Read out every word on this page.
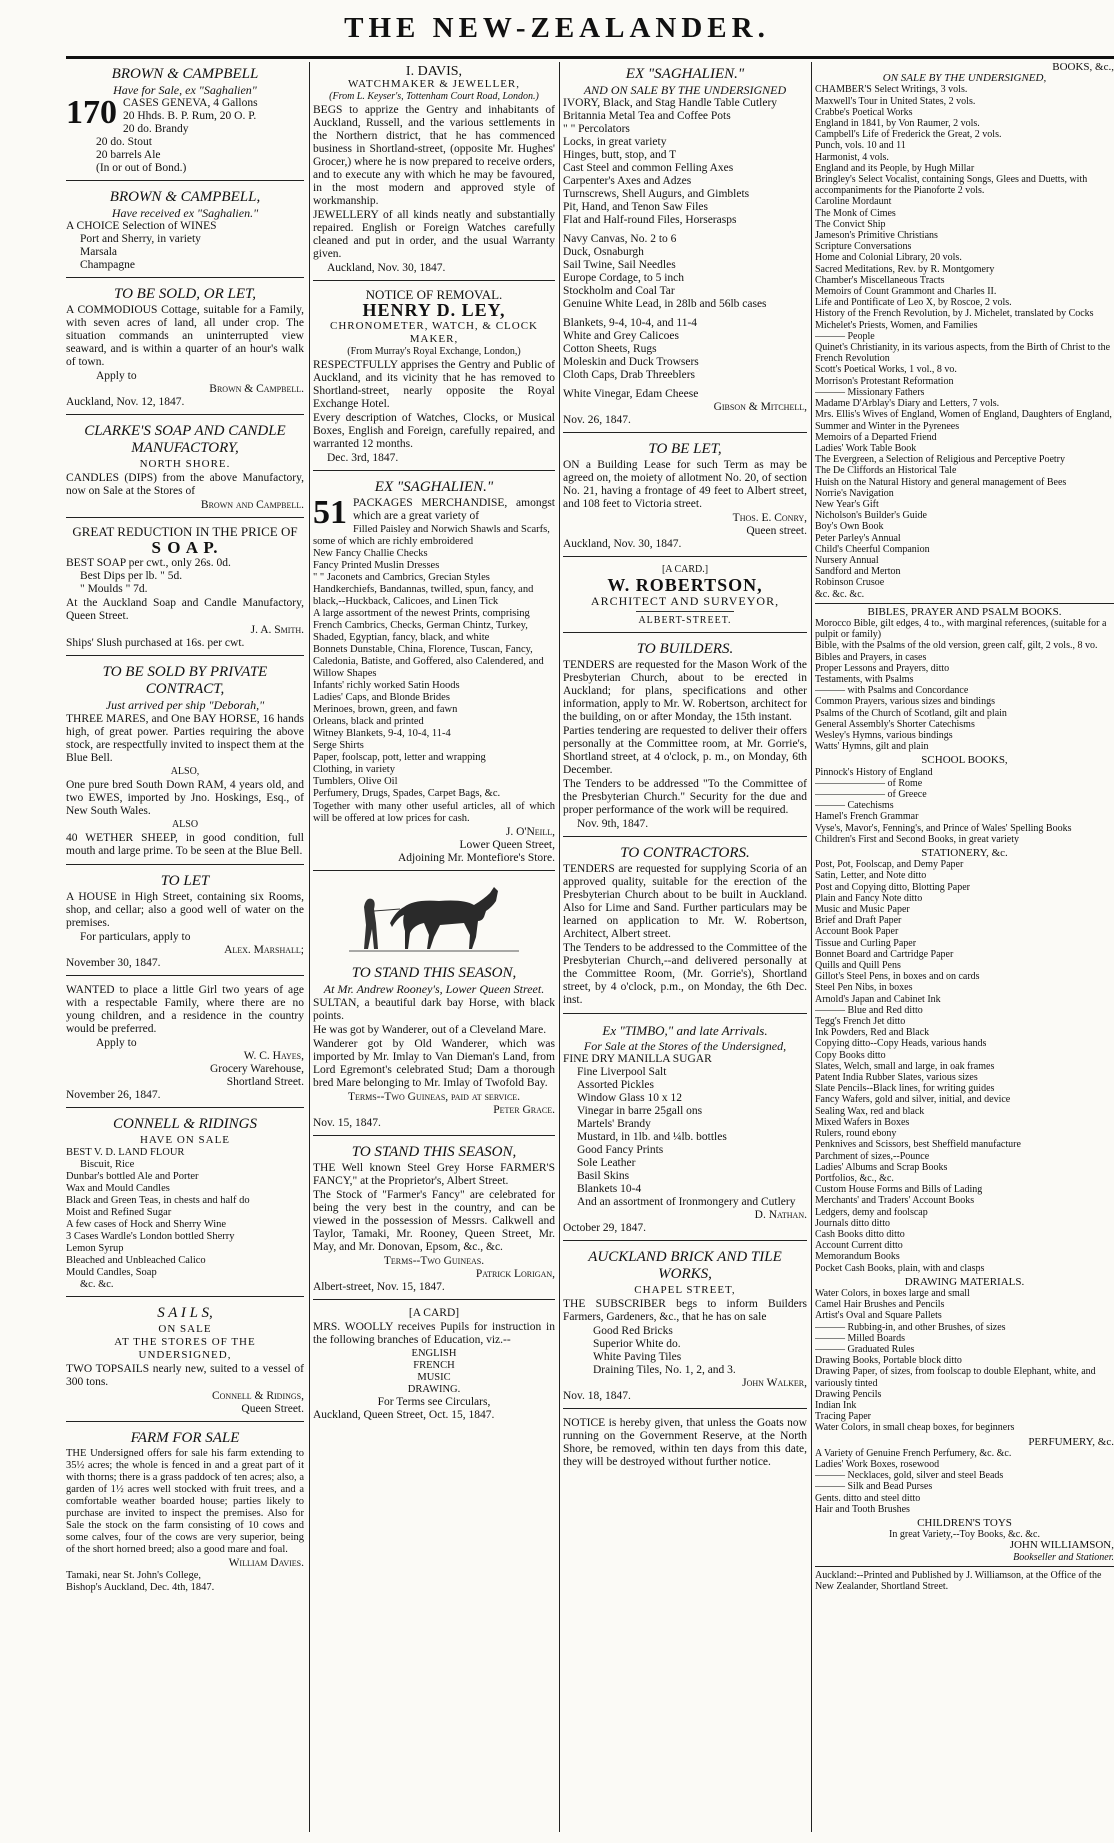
THE NEW-ZEALANDER.
BROWN & CAMPBELL
Have for Sale, ex "Saghalien"
170 CASES GENEVA, 4 Gallons
20 Hhds. B. P. Rum, 20 O. P.
20 do. Brandy
20 do. Stout
20 barrels Ale
(In or out of Bond.)
BROWN & CAMPBELL,
Have received ex "Saghalien."
A CHOICE Selection of WINES
Port and Sherry, in variety
Marsala
Champagne
TO BE SOLD, OR LET,
A COMMODIOUS Cottage, suitable for a Family, with seven acres of land, all under crop. The situation commands an uninterrupted view seaward, and is within a quarter of an hour's walk of town.
Apply to
Brown & Campbell.
Auckland, Nov. 12, 1847.
CLARKE'S SOAP AND CANDLE MANUFACTORY,
NORTH SHORE.
CANDLES (DIPS) from the above Manufactory, now on Sale at the Stores of
Brown and Campbell.
GREAT REDUCTION IN THE PRICE OF
S O A P.
BEST SOAP per cwt., only 26s. 0d.
Best Dips per lb. " 5d.
" Moulds " 7d.
At the Auckland Soap and Candle Manufactory, Queen Street.
J. A. Smith.
Ships' Slush purchased at 16s. per cwt.
TO BE SOLD BY PRIVATE CONTRACT,
Just arrived per ship "Deborah,"
THREE MARES, and One BAY HORSE, 16 hands high, of great power. Parties requiring the above stock, are respectfully invited to inspect them at the Blue Bell.
ALSO,
One pure bred South Down RAM, 4 years old, and two EWES, imported by Jno. Hoskings, Esq., of New South Wales.
ALSO
40 WETHER SHEEP, in good condition, full mouth and large prime. To be seen at the Blue Bell.
TO LET
A HOUSE in High Street, containing six Rooms, shop, and cellar; also a good well of water on the premises.
For particulars, apply to
Alex. Marshall;
November 30, 1847.
WANTED to place a little Girl two years of age with a respectable Family, where there are no young children, and a residence in the country would be preferred.
Apply to
W. C. Hayes,
Grocery Warehouse,
Shortland Street.
November 26, 1847.
CONNELL & RIDINGS
HAVE ON SALE
BEST V. D. LAND FLOUR
Biscuit, Rice
Dunbar's bottled Ale and Porter
Wax and Mould Candles
Black and Green Teas, in chests and half do
Moist and Refined Sugar
A few cases of Hock and Sherry Wine
3 Cases Wardle's London bottled Sherry
Lemon Syrup
Bleached and Unbleached Calico
Mould Candles, Soap
&c. &c.
S A I L S,
ON SALE
AT THE STORES OF THE UNDERSIGNED,
TWO TOPSAILS nearly new, suited to a vessel of 300 tons.
Connell & Ridings,
Queen Street.
FARM FOR SALE
THE Undersigned offers for sale his farm extending to 35½ acres; the whole is fenced in and a great part of it with thorns; there is a grass paddock of ten acres; also, a garden of 1½ acres well stocked with fruit trees, and a comfortable weather boarded house; parties likely to purchase are invited to inspect the premises. Also for Sale the stock on the farm consisting of 10 cows and some calves, four of the cows are very superior, being of the short horned breed; also a good mare and foal.
William Davies.
Tamaki, near St. John's College,
Bishop's Auckland, Dec. 4th, 1847.
I. DAVIS,
WATCHMAKER & JEWELLER,
(From L. Keyser's, Tottenham Court Road, London.)
BEGS to apprize the Gentry and inhabitants of Auckland, Russell, and the various settlements in the Northern district, that he has commenced business in Shortland-street, (opposite Mr. Hughes' Grocer,) where he is now prepared to receive orders, and to execute any with which he may be favoured, in the most modern and approved style of workmanship.
JEWELLERY of all kinds neatly and substantially repaired. English or Foreign Watches carefully cleaned and put in order, and the usual Warranty given.
Auckland, Nov. 30, 1847.
NOTICE OF REMOVAL.
HENRY D. LEY,
CHRONOMETER, WATCH, & CLOCK MAKER,
(From Murray's Royal Exchange, London,)
RESPECTFULLY apprises the Gentry and Public of Auckland, and its vicinity that he has removed to Shortland-street, nearly opposite the Royal Exchange Hotel.
Every description of Watches, Clocks, or Musical Boxes, English and Foreign, carefully repaired, and warranted 12 months.
Dec. 3rd, 1847.
EX "SAGHALIEN."
51 PACKAGES MERCHANDISE, amongst which are a great variety of
Filled Paisley and Norwich Shawls and Scarfs, some of which are richly embroidered
New Fancy Challie Checks
Fancy Printed Muslin Dresses
" " Jaconets and Cambrics, Grecian Styles
Handkerchiefs, Bandannas, twilled, spun, fancy, and black,--Huckback, Calicoes, and Linen Tick
A large assortment of the newest Prints, comprising French Cambrics, Checks, German Chintz, Turkey, Shaded, Egyptian, fancy, black, and white
Bonnets Dunstable, China, Florence, Tuscan, Fancy, Caledonia, Batiste, and Goffered, also Calendered, and Willow Shapes
Infants' richly worked Satin Hoods
Ladies' Caps, and Blonde Brides
Merinoes, brown, green, and fawn
Orleans, black and printed
Witney Blankets, 9-4, 10-4, 11-4
Serge Shirts
Paper, foolscap, pott, letter and wrapping
Clothing, in variety
Tumblers, Olive Oil
Perfumery, Drugs, Spades, Carpet Bags, &c.
Together with many other useful articles, all of which will be offered at low prices for cash.
J. O'Neill,
Lower Queen Street,
Adjoining Mr. Montefiore's Store.
TO STAND THIS SEASON,
At Mr. Andrew Rooney's, Lower Queen Street.
SULTAN, a beautiful dark bay Horse, with black points.
He was got by Wanderer, out of a Cleveland Mare.
Wanderer got by Old Wanderer, which was imported by Mr. Imlay to Van Dieman's Land, from Lord Egremont's celebrated Stud; Dam a thorough bred Mare belonging to Mr. Imlay of Twofold Bay.
Terms--Two Guineas, paid at service.
Peter Grace.
Nov. 15, 1847.
TO STAND THIS SEASON,
THE Well known Steel Grey Horse FARMER'S FANCY," at the Proprietor's, Albert Street.
The Stock of "Farmer's Fancy" are celebrated for being the very best in the country, and can be viewed in the possession of Messrs. Calkwell and Taylor, Tamaki, Mr. Rooney, Queen Street, Mr. May, and Mr. Donovan, Epsom, &c., &c.
Terms--Two Guineas.
Patrick Lorigan,
Albert-street, Nov. 15, 1847.
[A CARD]
MRS. WOOLLY receives Pupils for instruction in the following branches of Education, viz.--
ENGLISH
FRENCH
MUSIC
DRAWING.
For Terms see Circulars,
Auckland, Queen Street, Oct. 15, 1847.
EX "SAGHALIEN."
AND ON SALE BY THE UNDERSIGNED
IVORY, Black, and Stag Handle Table Cutlery
Britannia Metal Tea and Coffee Pots
" " Percolators
Locks, in great variety
Hinges, butt, stop, and T
Cast Steel and common Felling Axes
Carpenter's Axes and Adzes
Turnscrews, Shell Augurs, and Gimblets
Pit, Hand, and Tenon Saw Files
Flat and Half-round Files, Horserasps
Navy Canvas, No. 2 to 6
Duck, Osnaburgh
Sail Twine, Sail Needles
Europe Cordage, to 5 inch
Stockholm and Coal Tar
Genuine White Lead, in 28lb and 56lb cases
Blankets, 9-4, 10-4, and 11-4
White and Grey Calicoes
Cotton Sheets, Rugs
Moleskin and Duck Trowsers
Cloth Caps, Drab Threeblers
White Vinegar, Edam Cheese
Gibson & Mitchell,
Nov. 26, 1847.
TO BE LET,
ON a Building Lease for such Term as may be agreed on, the moiety of allotment No. 20, of section No. 21, having a frontage of 49 feet to Albert street, and 108 feet to Victoria street.
Thos. E. Conry,
Queen street.
Auckland, Nov. 30, 1847.
[A CARD.]
W. ROBERTSON,
ARCHITECT AND SURVEYOR,
ALBERT-STREET.
TO BUILDERS.
TENDERS are requested for the Mason Work of the Presbyterian Church, about to be erected in Auckland; for plans, specifications and other information, apply to Mr. W. Robertson, architect for the building, on or after Monday, the 15th instant.
Parties tendering are requested to deliver their offers personally at the Committee room, at Mr. Gorrie's, Shortland street, at 4 o'clock, p. m., on Monday, 6th December.
The Tenders to be addressed "To the Committee of the Presbyterian Church." Security for the due and proper performance of the work will be required.
Nov. 9th, 1847.
TO CONTRACTORS.
TENDERS are requested for supplying Scoria of an approved quality, suitable for the erection of the Presbyterian Church about to be built in Auckland. Also for Lime and Sand. Further particulars may be learned on application to Mr. W. Robertson, Architect, Albert street.
The Tenders to be addressed to the Committee of the Presbyterian Church,--and delivered personally at the Committee Room, (Mr. Gorrie's), Shortland street, by 4 o'clock, p.m., on Monday, the 6th Dec. inst.
Ex "TIMBO," and late Arrivals.
For Sale at the Stores of the Undersigned,
FINE DRY MANILLA SUGAR
Fine Liverpool Salt
Assorted Pickles
Window Glass 10 x 12
Vinegar in barre 25gall ons
Martels' Brandy
Mustard, in 1lb. and ¼lb. bottles
Good Fancy Prints
Sole Leather
Basil Skins
Blankets 10-4
And an assortment of Ironmongery and Cutlery
D. Nathan.
October 29, 1847.
AUCKLAND BRICK AND TILE WORKS,
CHAPEL STREET,
THE SUBSCRIBER begs to inform Builders Farmers, Gardeners, &c., that he has on sale
Good Red Bricks
Superior White do.
White Paving Tiles
Draining Tiles, No. 1, 2, and 3.
John Walker,
Nov. 18, 1847.
NOTICE is hereby given, that unless the Goats now running on the Government Reserve, at the North Shore, be removed, within ten days from this date, they will be destroyed without further notice.
BOOKS, &c.,
ON SALE BY THE UNDERSIGNED,
CHAMBER'S Select Writings, 3 vols.
Maxwell's Tour in United States, 2 vols.
Crabbe's Poetical Works
England in 1841, by Von Raumer, 2 vols.
Campbell's Life of Frederick the Great, 2 vols.
Punch, vols. 10 and 11
Harmonist, 4 vols.
England and its People, by Hugh Millar
Bringley's Select Vocalist, containing Songs, Glees and Duetts, with accompaniments for the Pianoforte 2 vols.
Caroline Mordaunt
The Monk of Cimes
The Convict Ship
Jameson's Primitive Christians
Scripture Conversations
Home and Colonial Library, 20 vols.
Sacred Meditations, Rev. by R. Montgomery
Chamber's Miscellaneous Tracts
Memoirs of Count Grammont and Charles II.
Life and Pontificate of Leo X, by Roscoe, 2 vols.
History of the French Revolution, by J. Michelet, translated by Cocks
Michelet's Priests, Women, and Families
——— People
Quinet's Christianity, in its various aspects, from the Birth of Christ to the French Revolution
Scott's Poetical Works, 1 vol., 8 vo.
Morrison's Protestant Reformation
——— Missionary Fathers
Madame D'Arblay's Diary and Letters, 7 vols.
Mrs. Ellis's Wives of England, Women of England, Daughters of England, Summer and Winter in the Pyrenees
Memoirs of a Departed Friend
Ladies' Work Table Book
The Evergreen, a Selection of Religious and Perceptive Poetry
The De Cliffords an Historical Tale
Huish on the Natural History and general management of Bees
Norrie's Navigation
New Year's Gift
Nicholson's Builder's Guide
Boy's Own Book
Peter Parley's Annual
Child's Cheerful Companion
Nursery Annual
Sandford and Merton
Robinson Crusoe
&c. &c. &c.
BIBLES, PRAYER AND PSALM BOOKS.
Morocco Bible, gilt edges, 4 to., with marginal references, (suitable for a pulpit or family)
Bible, with the Psalms of the old version, green calf, gilt, 2 vols., 8 vo.
Bibles and Prayers, in cases
Proper Lessons and Prayers, ditto
Testaments, with Psalms
——— with Psalms and Concordance
Common Prayers, various sizes and bindings
Psalms of the Church of Scotland, gilt and plain
General Assembly's Shorter Catechisms
Wesley's Hymns, various bindings
Watts' Hymns, gilt and plain
SCHOOL BOOKS,
Pinnock's History of England
——————— of Rome
——————— of Greece
——— Catechisms
Hamel's French Grammar
Vyse's, Mavor's, Fenning's, and Prince of Wales' Spelling Books
Children's First and Second Books, in great variety
STATIONERY, &c.
Post, Pot, Foolscap, and Demy Paper
Satin, Letter, and Note ditto
Post and Copying ditto, Blotting Paper
Plain and Fancy Note ditto
Music and Music Paper
Brief and Draft Paper
Account Book Paper
Tissue and Curling Paper
Bonnet Board and Cartridge Paper
Quills and Quill Pens
Gillot's Steel Pens, in boxes and on cards
Steel Pen Nibs, in boxes
Arnold's Japan and Cabinet Ink
——— Blue and Red ditto
Tegg's French Jet ditto
Ink Powders, Red and Black
Copying ditto--Copy Heads, various hands
Copy Books ditto
Slates, Welch, small and large, in oak frames
Patent India Rubber Slates, various sizes
Slate Pencils--Black lines, for writing guides
Fancy Wafers, gold and silver, initial, and device
Sealing Wax, red and black
Mixed Wafers in Boxes
Rulers, round ebony
Penknives and Scissors, best Sheffield manufacture
Parchment of sizes,--Pounce
Ladies' Albums and Scrap Books
Portfolios, &c., &c.
Custom House Forms and Bills of Lading
Merchants' and Traders' Account Books
Ledgers, demy and foolscap
Journals ditto ditto
Cash Books ditto ditto
Account Current ditto
Memorandum Books
Pocket Cash Books, plain, with and clasps
DRAWING MATERIALS.
Water Colors, in boxes large and small
Camel Hair Brushes and Pencils
Artist's Oval and Square Pallets
——— Rubbing-in, and other Brushes, of sizes
——— Milled Boards
——— Graduated Rules
Drawing Books, Portable block ditto
Drawing Paper, of sizes, from foolscap to double Elephant, white, and variously tinted
Drawing Pencils
Indian Ink
Tracing Paper
Water Colors, in small cheap boxes, for beginners
PERFUMERY, &c.
A Variety of Genuine French Perfumery, &c. &c.
Ladies' Work Boxes, rosewood
——— Necklaces, gold, silver and steel Beads
——— Silk and Bead Purses
Gents. ditto and steel ditto
Hair and Tooth Brushes
CHILDREN'S TOYS
In great Variety,--Toy Books, &c. &c.
JOHN WILLIAMSON,
Bookseller and Stationer.
Auckland:--Printed and Published by J. Williamson, at the Office of the New Zealander, Shortland Street.
